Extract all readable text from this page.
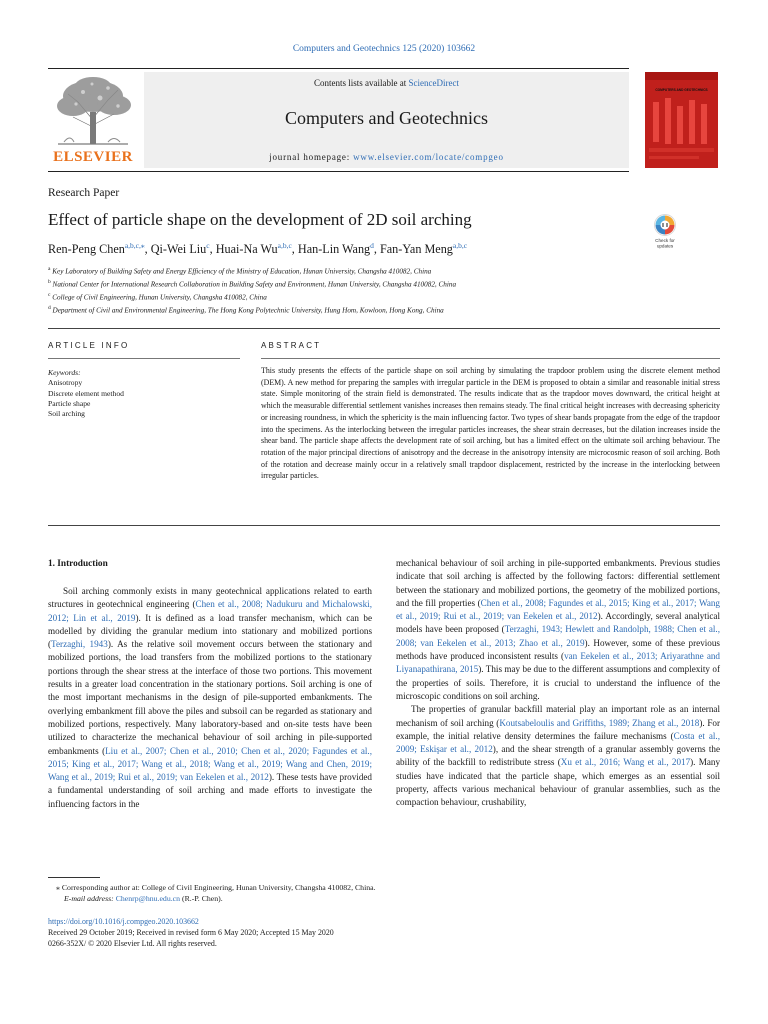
Computers and Geotechnics 125 (2020) 103662
Contents lists available at ScienceDirect
Computers and Geotechnics
journal homepage: www.elsevier.com/locate/compgeo
ELSEVIER
COMPUTERS AND GEOTECHNICS
Research Paper
Effect of particle shape on the development of 2D soil arching
Ren-Peng Chen$^{a,b,c,⁎}$, Qi-Wei Liu$^c$, Huai-Na Wu$^{a,b,c}$, Han-Lin Wang$^d$, Fan-Yan Meng$^{a,b,c}$
Check for
updates
$^a$ Key Laboratory of Building Safety and Energy Efficiency of the Ministry of Education, Hunan University, Changsha 410082, China
$^b$ National Center for International Research Collaboration in Building Safety and Environment, Hunan University, Changsha 410082, China
$^c$ College of Civil Engineering, Hunan University, Changsha 410082, China
$^d$ Department of Civil and Environmental Engineering, The Hong Kong Polytechnic University, Hung Hom, Kowloon, Hong Kong, China
ARTICLE INFO
Keywords:
Anisotropy
Discrete element method
Particle shape
Soil arching
ABSTRACT
This study presents the effects of the particle shape on soil arching by simulating the trapdoor problem using the discrete element method (DEM). A new method for preparing the samples with irregular particle in the DEM is proposed to obtain a similar and reasonable initial stress state. Simple monitoring of the strain field is demonstrated. The results indicate that as the trapdoor moves downward, the critical height at which the measurable differential settlement vanishes increases then remains steady. The final critical height increases with decreasing sphericity or increasing roundness, in which the sphericity is the main influencing factor. Two types of shear bands propagate from the edge of the trapdoor into the specimens. As the interlocking between the irregular particles increases, the shear strain decreases, but the dilation increases inside the shear band. The particle shape affects the development rate of soil arching, but has a limited effect on the ultimate soil arching behaviour. The rotation of the major principal directions of anisotropy and the decrease in the anisotropy intensity are microcosmic reason of soil arching. Both of the rotation and decrease mainly occur in a relatively small trapdoor displacement, restricted by the increase in the interlocking between irregular particles.
1. Introduction

Soil arching commonly exists in many geotechnical applications related to earth structures in geotechnical engineering (Chen et al., 2008; Nadukuru and Michalowski, 2012; Lin et al., 2019). It is defined as a load transfer mechanism, which can be modelled by dividing the granular medium into stationary and mobilized portions (Terzaghi, 1943). As the relative soil movement occurs between the stationary and mobilized portions, the load transfers from the mobilized portions to the stationary portions through the shear stress at the interface of those two portions. This movement results in a greater load concentration in the stationary portions. Soil arching is one of the most important mechanisms in the design of pile-supported embankments. The overlying embankment fill above the piles and subsoil can be regarded as stationary and mobilized portions, respectively. Many laboratory-based and on-site tests have been utilized to characterize the mechanical behaviour of soil arching in pile-supported embankments (Liu et al., 2007; Chen et al., 2010; Chen et al., 2020; Fagundes et al., 2015; King et al., 2017; Wang et al., 2018; Wang et al., 2019; Wang and Chen, 2019; Wang et al., 2019; Rui et al., 2019; van Eekelen et al., 2012). These tests have provided a fundamental understanding of soil arching and made efforts to investigate the influencing factors in the

mechanical behaviour of soil arching in pile-supported embankments. Previous studies indicate that soil arching is affected by the following factors: differential settlement between the stationary and mobilized portions, the geometry of the mobilized portions, and the fill properties (Chen et al., 2008; Fagundes et al., 2015; King et al., 2017; Wang et al., 2019; Rui et al., 2019; van Eekelen et al., 2012). Accordingly, several analytical models have been proposed (Terzaghi, 1943; Hewlett and Randolph, 1988; Chen et al., 2008; van Eekelen et al., 2013; Zhao et al., 2019). However, some of these previous methods have produced inconsistent results (van Eekelen et al., 2013; Ariyarathne and Liyanapathirana, 2015). This may be due to the different assumptions and complexity of the properties of soils. Therefore, it is crucial to understand the influence of the microscopic conditions on soil arching.

The properties of granular backfill material play an important role as an internal mechanism of soil arching (Koutsabeloulis and Griffiths, 1989; Zhang et al., 2018). For example, the initial relative density determines the failure mechanisms (Costa et al., 2009; Eskişar et al., 2012), and the shear strength of a granular assembly governs the ability of the backfill to redistribute stress (Xu et al., 2016; Wang et al., 2017). Many studies have indicated that the particle shape, which emerges as an essential soil property, affects various mechanical behaviour of granular assemblies, such as the compaction behaviour, crushability,

⁎ Corresponding author at: College of Civil Engineering, Hunan University, Changsha 410082, China.
E-mail address: Chenrp@hnu.edu.cn (R.-P. Chen).
https://doi.org/10.1016/j.compgeo.2020.103662
Received 29 October 2019; Received in revised form 6 May 2020; Accepted 15 May 2020
0266-352X/ © 2020 Elsevier Ltd. All rights reserved.
